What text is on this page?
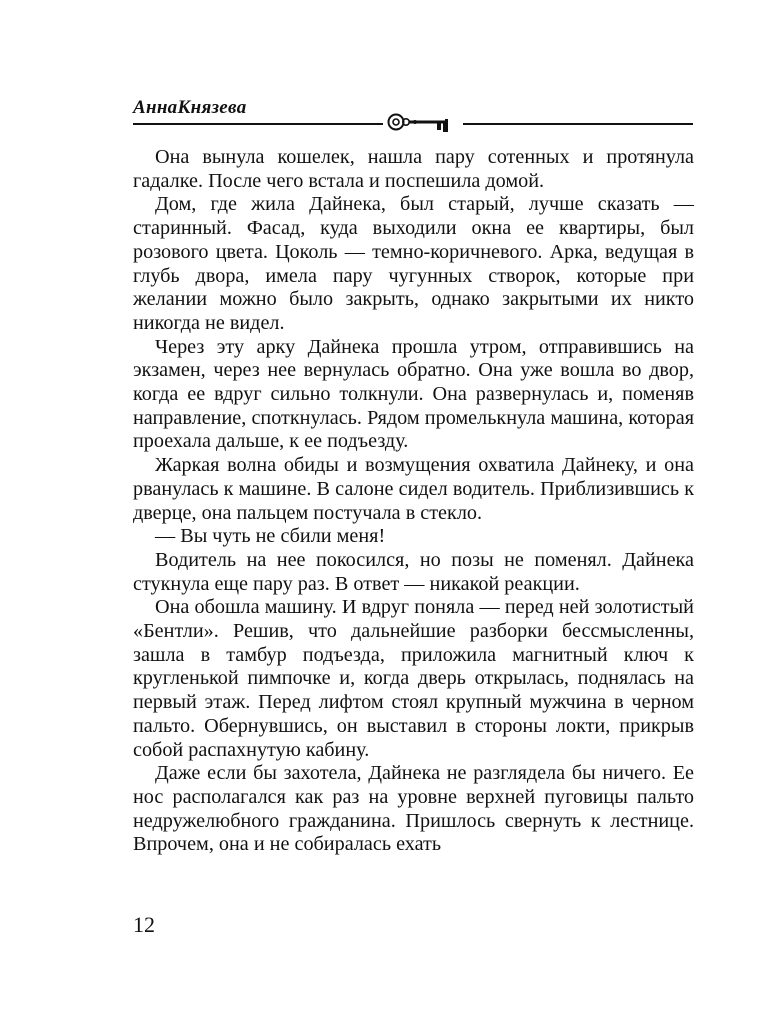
АннаКнязева

Она вынула кошелек, нашла пару сотенных и протянула гадалке. После чего встала и поспешила домой.

Дом, где жила Дайнека, был старый, лучше сказать — старинный. Фасад, куда выходили окна ее квартиры, был розового цвета. Цоколь — темно-коричневого. Арка, ведущая в глубь двора, имела пару чугунных створок, которые при желании можно было закрыть, однако закрытыми их никто никогда не видел.

Через эту арку Дайнека прошла утром, отправившись на экзамен, через нее вернулась обратно. Она уже вошла во двор, когда ее вдруг сильно толкнули. Она развернулась и, поменяв направление, споткнулась. Рядом промелькнула машина, которая проехала дальше, к ее подъезду.

Жаркая волна обиды и возмущения охватила Дайнеку, и она рванулась к машине. В салоне сидел водитель. Приблизившись к дверце, она пальцем постучала в стекло.

— Вы чуть не сбили меня!

Водитель на нее покосился, но позы не поменял. Дайнека стукнула еще пару раз. В ответ — никакой реакции.

Она обошла машину. И вдруг поняла — перед ней золотистый «Бентли». Решив, что дальнейшие разборки бессмысленны, зашла в тамбур подъезда, приложила магнитный ключ к кругленькой пимпочке и, когда дверь открылась, поднялась на первый этаж. Перед лифтом стоял крупный мужчина в черном пальто. Обернувшись, он выставил в стороны локти, прикрыв собой распахнутую кабину.

Даже если бы захотела, Дайнека не разглядела бы ничего. Ее нос располагался как раз на уровне верхней пуговицы пальто недружелюбного гражданина. Пришлось свернуть к лестнице. Впрочем, она и не собиралась ехать

12
